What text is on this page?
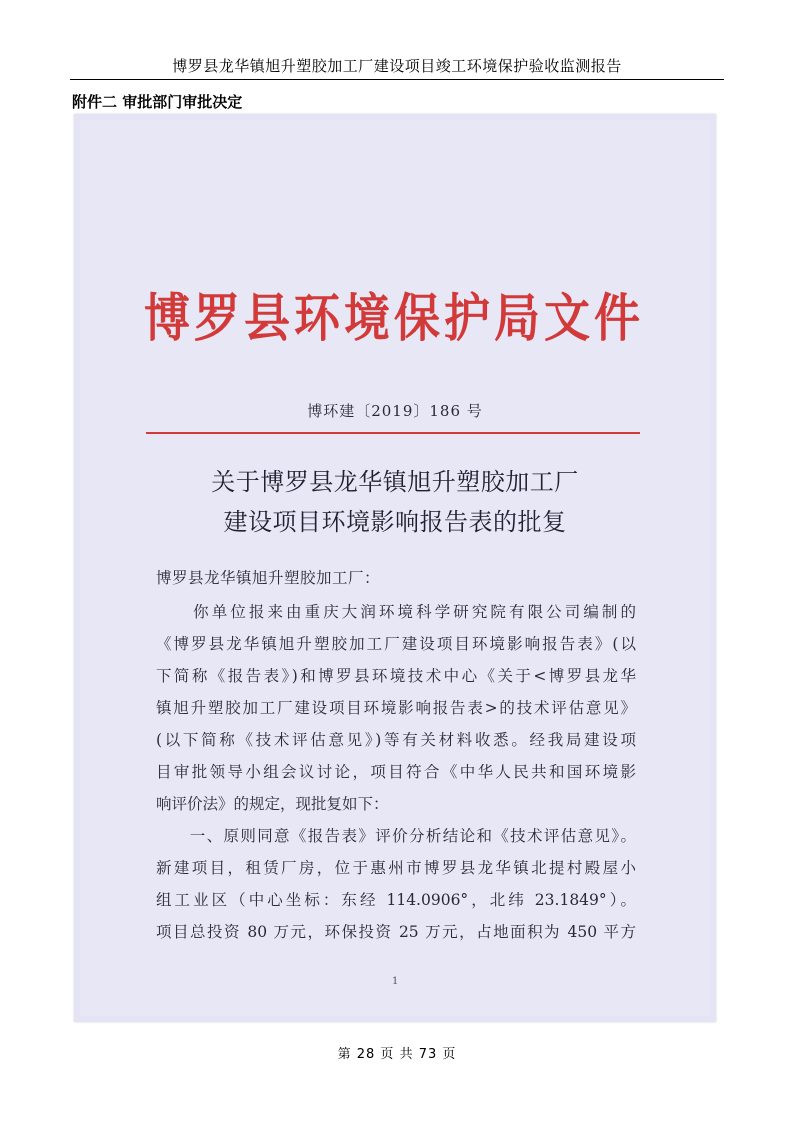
博罗县龙华镇旭升塑胶加工厂建设项目竣工环境保护验收监测报告
附件二 审批部门审批决定
博罗县环境保护局文件
博环建〔2019〕186 号
关于博罗县龙华镇旭升塑胶加工厂
建设项目环境影响报告表的批复
博罗县龙华镇旭升塑胶加工厂：
　　你单位报来由重庆大润环境科学研究院有限公司编制的
《博罗县龙华镇旭升塑胶加工厂建设项目环境影响报告表》(以
下简称《报告表》)和博罗县环境技术中心《关于<博罗县龙华
镇旭升塑胶加工厂建设项目环境影响报告表>的技术评估意见》
(以下简称《技术评估意见》)等有关材料收悉。经我局建设项
目审批领导小组会议讨论，项目符合《中华人民共和国环境影
响评价法》的规定，现批复如下：
　　一、原则同意《报告表》评价分析结论和《技术评估意见》。
新建项目，租赁厂房，位于惠州市博罗县龙华镇北提村殿屋小
组工业区（中心坐标：东经 114.0906°，北纬 23.1849°）。
项目总投资 80 万元，环保投资 25 万元，占地面积为 450 平方
1
第 28 页 共 73 页
